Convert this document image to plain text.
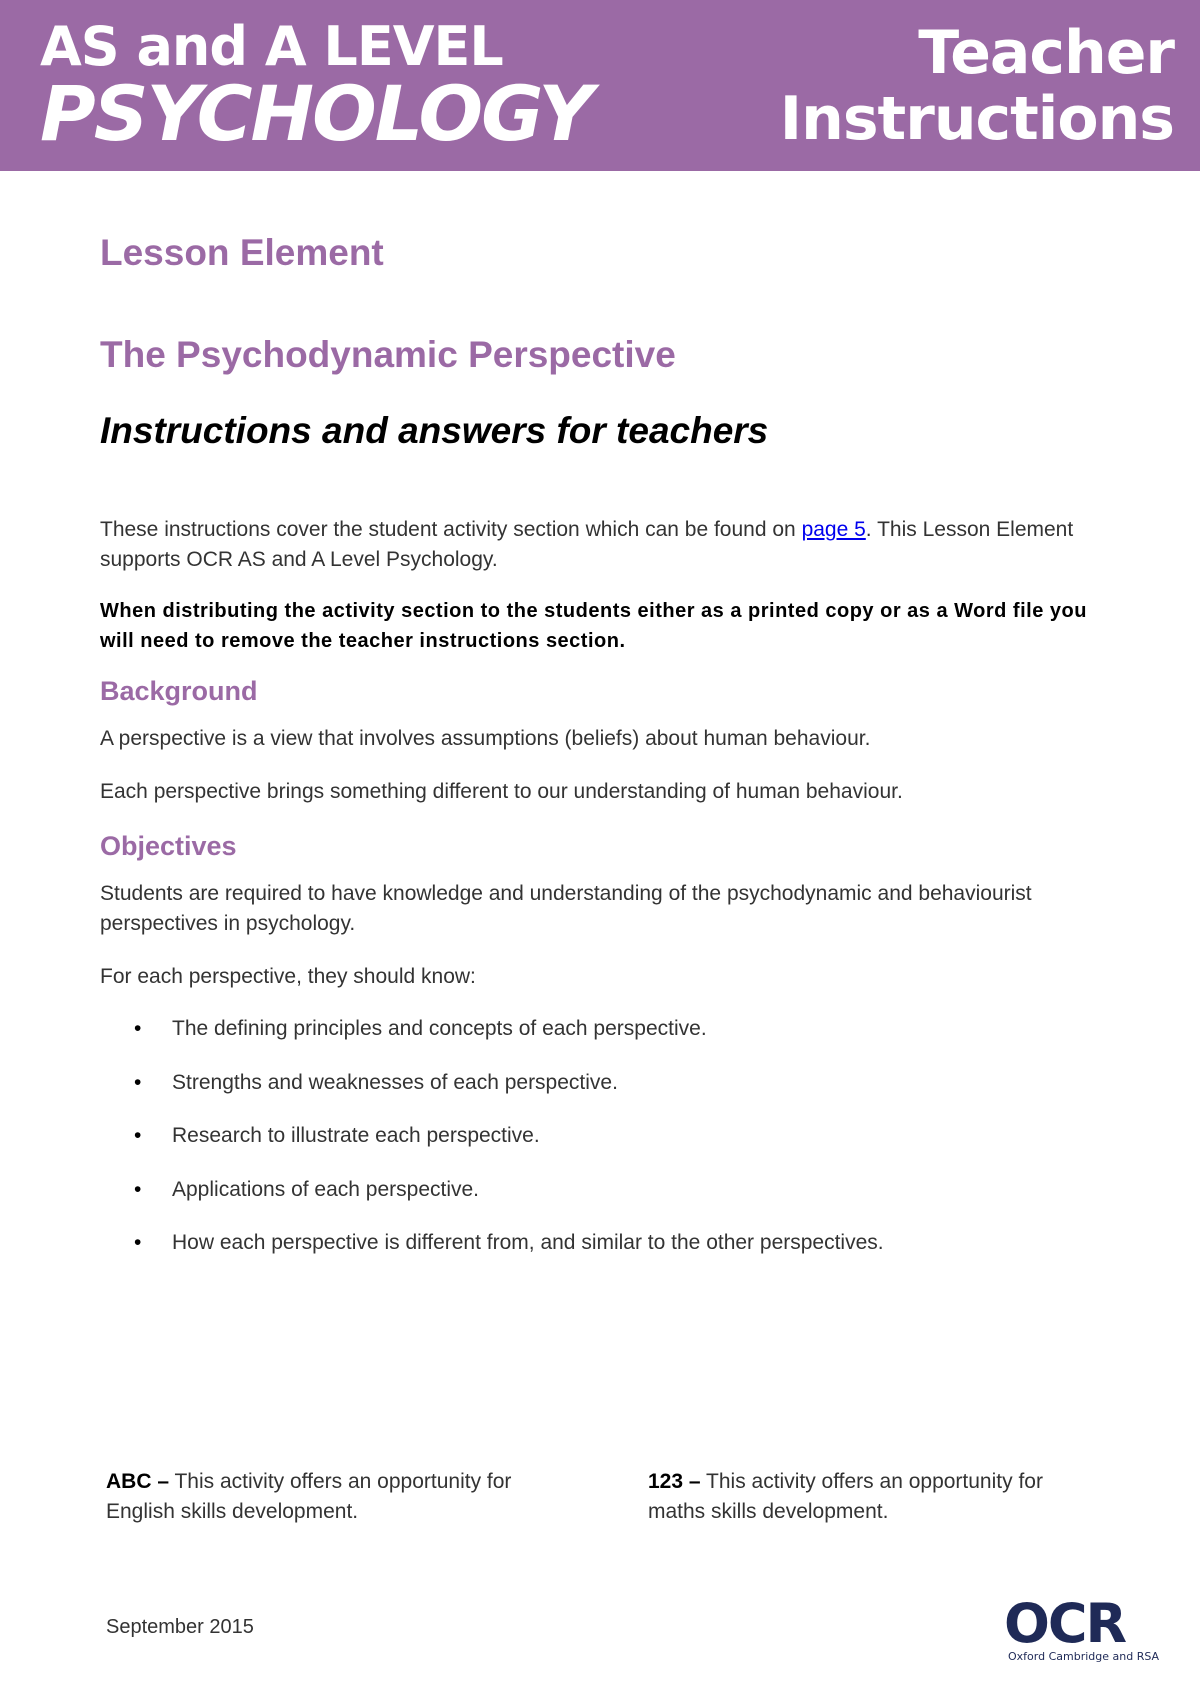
AS and A LEVEL
PSYCHOLOGY
Teacher
Instructions
Lesson Element
The Psychodynamic Perspective
Instructions and answers for teachers

These instructions cover the student activity section which can be found on page 5. This Lesson Element supports OCR AS and A Level Psychology.

When distributing the activity section to the students either as a printed copy or as a Word file you will need to remove the teacher instructions section.

Background

A perspective is a view that involves assumptions (beliefs) about human behaviour.

Each perspective brings something different to our understanding of human behaviour.

Objectives

Students are required to have knowledge and understanding of the psychodynamic and behaviourist perspectives in psychology.

For each perspective, they should know:

• The defining principles and concepts of each perspective.
• Strengths and weaknesses of each perspective.
• Research to illustrate each perspective.
• Applications of each perspective.
• How each perspective is different from, and similar to the other perspectives.

ABC – This activity offers an opportunity for English skills development.

123 – This activity offers an opportunity for maths skills development.

September 2015	OCR
Oxford Cambridge and RSA
